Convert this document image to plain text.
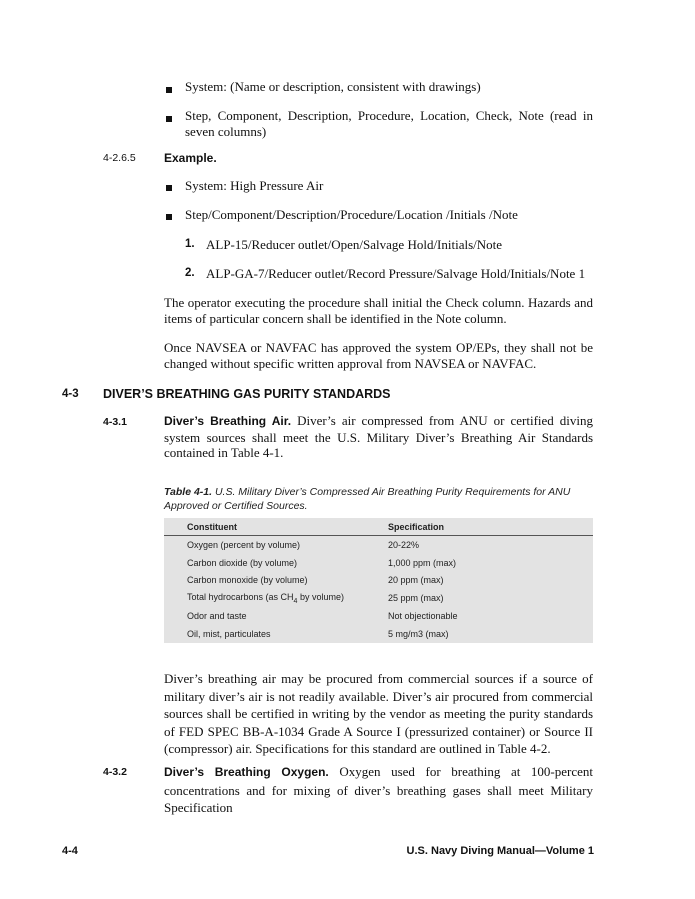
System: (Name or description, consistent with drawings)
Step, Component, Description, Procedure, Location, Check, Note (read in seven columns)
4-2.6.5 Example.
System: High Pressure Air
Step/Component/Description/Procedure/Location /Initials /Note
1. ALP-15/Reducer outlet/Open/Salvage Hold/Initials/Note
2. ALP-GA-7/Reducer outlet/Record Pressure/Salvage Hold/Initials/Note 1
The operator executing the procedure shall initial the Check column. Hazards and items of particular concern shall be identified in the Note column.
Once NAVSEA or NAVFAC has approved the system OP/EPs, they shall not be changed without specific written approval from NAVSEA or NAVFAC.
4-3 DIVER’S BREATHING GAS PURITY STANDARDS
4-3.1	Diver’s Breathing Air. Diver’s air compressed from ANU or certified diving system sources shall meet the U.S. Military Diver’s Breathing Air Standards contained in Table 4-1.
Table 4-1. U.S. Military Diver’s Compressed Air Breathing Purity Requirements for ANU Approved or Certified Sources.
Constituent	Specification
Oxygen (percent by volume)	20-22%
Carbon dioxide (by volume)	1,000 ppm (max)
Carbon monoxide (by volume)	20 ppm (max)
Total hydrocarbons (as $CH_4$ by volume)	25 ppm (max)
Odor and taste	Not objectionable
Oil, mist, particulates	5 mg/m3 (max)
Diver’s breathing air may be procured from commercial sources if a source of military diver’s air is not readily available. Diver’s air procured from commercial sources shall be certified in writing by the vendor as meeting the purity standards of FED SPEC BB-A-1034 Grade A Source I (pressurized container) or Source II (compressor) air. Specifications for this standard are outlined in Table 4-2.
4-3.2	Diver’s Breathing Oxygen. Oxygen used for breathing at 100-percent concentrations and for mixing of diver’s breathing gases shall meet Military Specification
4-4	U.S. Navy Diving Manual—Volume 1
